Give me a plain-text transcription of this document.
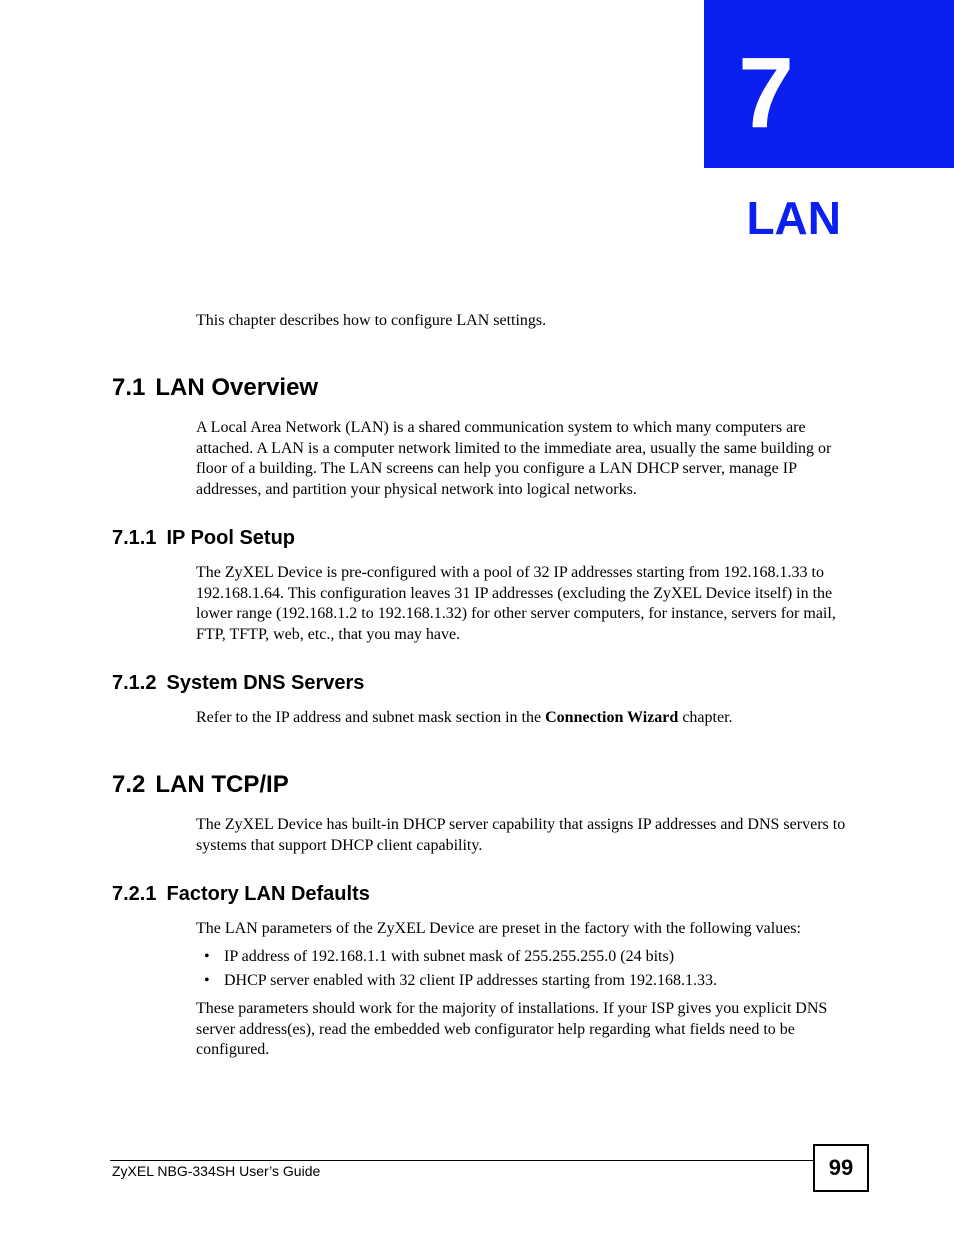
7
LAN

This chapter describes how to configure LAN settings.

7.1 LAN Overview

A Local Area Network (LAN) is a shared communication system to which many computers are attached. A LAN is a computer network limited to the immediate area, usually the same building or floor of a building. The LAN screens can help you configure a LAN DHCP server, manage IP addresses, and partition your physical network into logical networks.

7.1.1 IP Pool Setup

The ZyXEL Device is pre-configured with a pool of 32 IP addresses starting from 192.168.1.33 to 192.168.1.64. This configuration leaves 31 IP addresses (excluding the ZyXEL Device itself) in the lower range (192.168.1.2 to 192.168.1.32) for other server computers, for instance, servers for mail, FTP, TFTP, web, etc., that you may have.

7.1.2 System DNS Servers

Refer to the IP address and subnet mask section in the Connection Wizard chapter.

7.2 LAN TCP/IP

The ZyXEL Device has built-in DHCP server capability that assigns IP addresses and DNS servers to systems that support DHCP client capability.

7.2.1 Factory LAN Defaults

The LAN parameters of the ZyXEL Device are preset in the factory with the following values:

• IP address of 192.168.1.1 with subnet mask of 255.255.255.0 (24 bits)
• DHCP server enabled with 32 client IP addresses starting from 192.168.1.33.

These parameters should work for the majority of installations. If your ISP gives you explicit DNS server address(es), read the embedded web configurator help regarding what fields need to be configured.

ZyXEL NBG-334SH User’s Guide	99
